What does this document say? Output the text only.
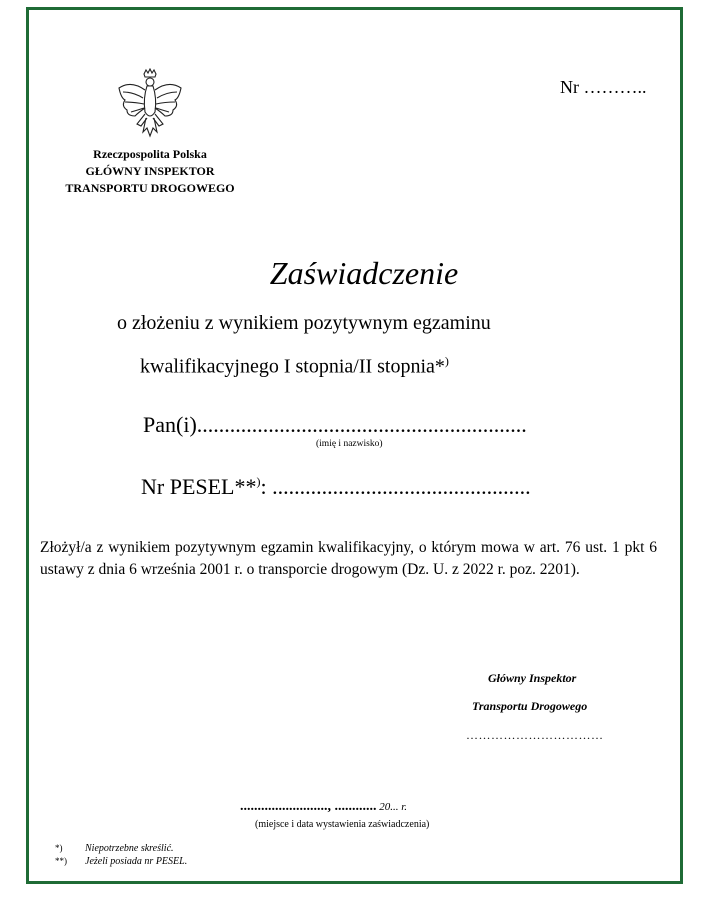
Nr ………..
Rzeczpospolita Polska
GŁÓWNY INSPEKTOR
TRANSPORTU DROGOWEGO
Zaświadczenie
o złożeniu z wynikiem pozytywnym egzaminu
kwalifikacyjnego I stopnia/II stopnia*)
Pan(i)............................................................
(imię i nazwisko)
Nr PESEL**): ...............................................
Złożył/a z wynikiem pozytywnym egzamin kwalifikacyjny, o którym mowa w art. 76 ust. 1 pkt 6 ustawy z dnia 6 września 2001 r. o transporcie drogowym (Dz. U. z 2022 r. poz. 2201).
Główny Inspektor
Transportu Drogowego
……………………………
........................., ............ 20... r.
(miejsce i data wystawienia zaświadczenia)
*) Niepotrzebne skreślić.
**) Jeżeli posiada nr PESEL.
